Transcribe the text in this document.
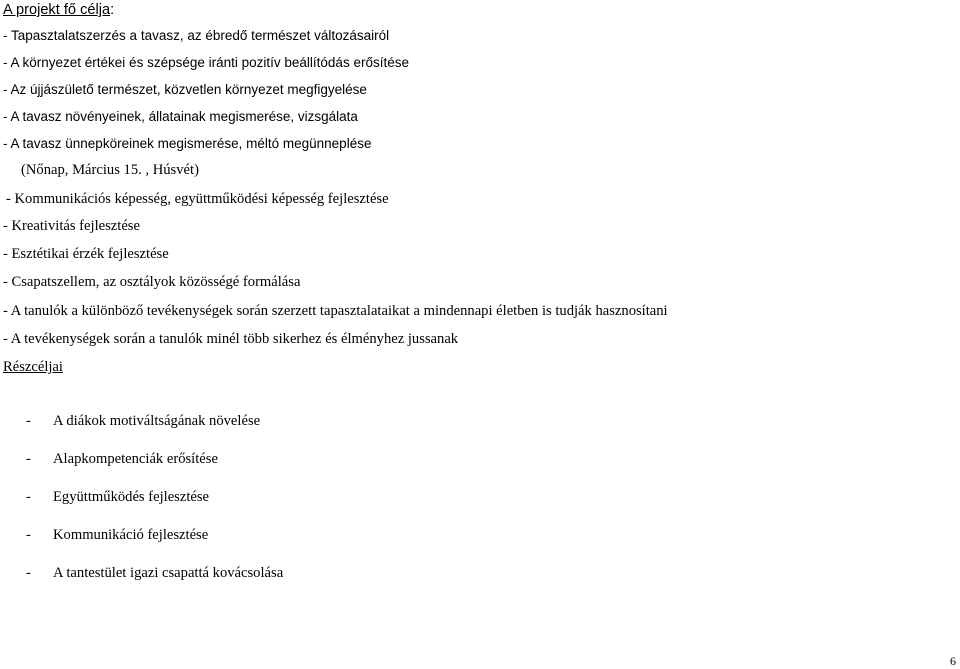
A projekt fő célja:
- Tapasztalatszerzés a tavasz, az ébredő természet változásairól
- A környezet értékei és szépsége iránti pozitív beállítódás erősítése
- Az újjászülető természet, közvetlen környezet megfigyelése
- A tavasz növényeinek, állatainak megismerése, vizsgálata
- A tavasz ünnepköreinek megismerése, méltó megünneplése
(Nőnap, Március 15. , Húsvét)
- Kommunikációs képesség, együttműködési képesség fejlesztése
- Kreativitás fejlesztése
- Esztétikai érzék fejlesztése
- Csapatszellem, az osztályok közösségé formálása
- A tanulók a különböző tevékenységek során szerzett tapasztalataikat a mindennapi életben is tudják hasznosítani
- A tevékenységek során a tanulók minél több sikerhez és élményhez jussanak
Részcéljai
- A diákok motiváltságának növelése
- Alapkompetenciák erősítése
- Együttműködés fejlesztése
- Kommunikáció fejlesztése
- A tantestület igazi csapattá kovácsolása
6
